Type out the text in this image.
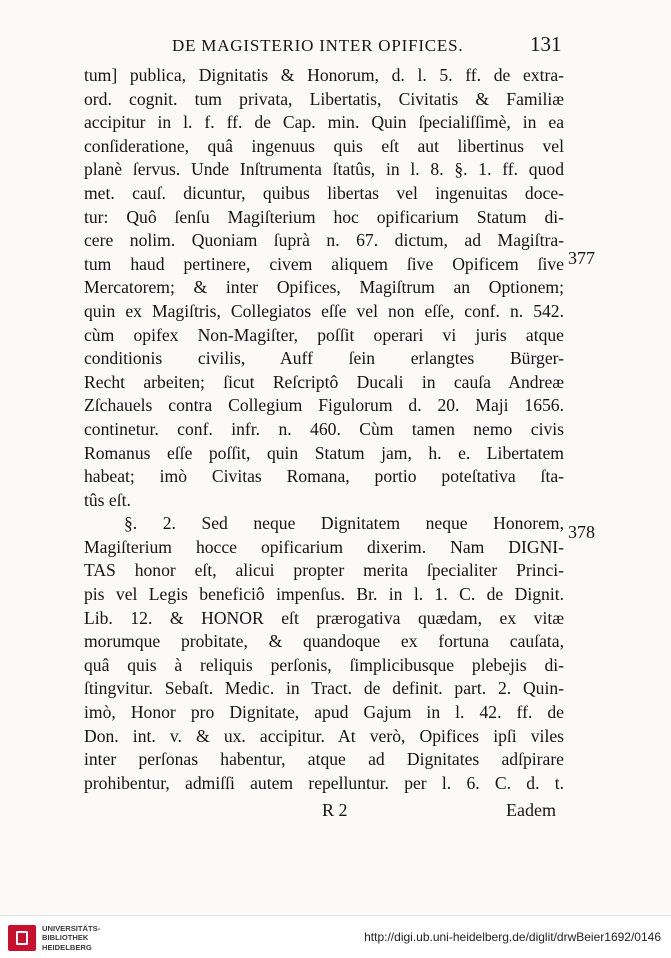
DE MAGISTERIO INTER OPIFICES.	131
tum] publica, Dignitatis & Honorum, d. l. 5. ff. de extra-
ord. cognit. tum privata, Libertatis, Civitatis & Familiæ
accipitur in l. f. ff. de Cap. min. Quin ſpecialiſſimè, in ea
conſideratione, quâ ingenuus quis eſt aut libertinus vel
planè ſervus. Unde Inſtrumenta ſtatûs, in l. 8. §. 1. ff. quod
met. cauſ. dicuntur, quibus libertas vel ingenuitas doce-
tur: Quô ſenſu Magiſterium hoc opificarium Statum di-
cere nolim. Quoniam ſuprà n. 67. dictum, ad Magiſtra-
tum haud pertinere, civem aliquem ſive Opificem ſive
Mercatorem; & inter Opifices, Magiſtrum an Optionem;
quin ex Magiſtris, Collegiatos eſſe vel non eſſe, conf. n. 542.
cùm opifex Non-Magiſter, poſſit operari vi juris atque
conditionis civilis, Auff ſein erlangtes Bürger-
Recht arbeiten; ſicut Reſcriptô Ducali in cauſa Andreæ
Zſchauels contra Collegium Figulorum d. 20. Maji 1656.
continetur. conf. infr. n. 460. Cùm tamen nemo civis
Romanus eſſe poſſit, quin Statum jam, h. e. Libertatem
habeat; imò Civitas Romana, portio poteſtativa ſta-
tûs eſt.
§. 2. Sed neque Dignitatem neque Honorem,
Magiſterium hocce opificarium dixerim. Nam DIGNI-
TAS honor eſt, alicui propter merita ſpecialiter Princi-
pis vel Legis beneficiô impenſus. Br. in l. 1. C. de Dignit.
Lib. 12. & HONOR eſt prærogativa quædam, ex vitæ
morumque probitate, & quandoque ex fortuna cauſata,
quâ quis à reliquis perſonis, ſimplicibusque plebejis di-
ſtingvitur. Sebaſt. Medic. in Tract. de definit. part. 2. Quin-
imò, Honor pro Dignitate, apud Gajum in l. 42. ff. de
Don. int. v. & ux. accipitur. At verò, Opifices ipſi viles
inter perſonas habentur, atque ad Dignitates adſpirare
prohibentur, admiſſi autem repelluntur. per l. 6. C. d. t.
377
378
R 2	Eadem
UNIVERSITÄTS-
BIBLIOTHEK
HEIDELBERG
http://digi.ub.uni-heidelberg.de/diglit/drwBeier1692/0146
